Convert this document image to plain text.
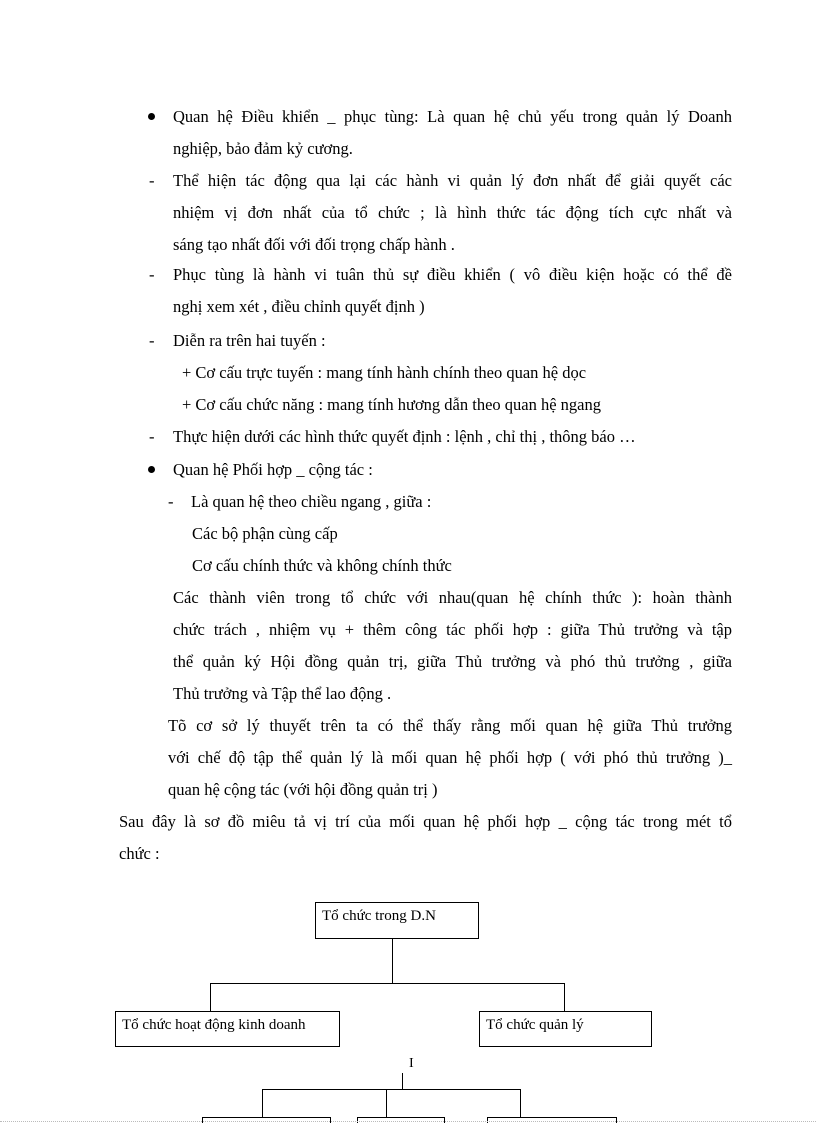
Quan hệ Điều khiển _ phục tùng: Là quan hệ chủ yếu trong quản lý Doanh
nghiệp, bảo đảm kỷ cương.
- Thể hiện tác động qua lại các hành vi quản lý đơn nhất để giải quyết các
nhiệm vị đơn nhất của tổ chức ; là hình thức tác động tích cực nhất và
sáng tạo nhất đối với đối trọng chấp hành .
- Phục tùng là hành vi tuân thủ sự điều khiển ( vô điều kiện hoặc có thể đề
nghị xem xét , điều chỉnh quyết định )
- Diễn ra trên hai tuyến :
+ Cơ cấu trực tuyến : mang tính hành chính theo quan hệ dọc
+ Cơ cấu chức năng : mang tính hương dẫn theo quan hệ ngang
- Thực hiện dưới các hình thức quyết định : lệnh , chỉ thị , thông báo …
Quan hệ Phối hợp _ cộng tác :
- Là quan hệ theo chiều ngang , giữa :
Các bộ phận cùng cấp
Cơ cấu chính thức và không chính thức
Các thành viên trong tổ chức với nhau(quan hệ chính thức ): hoàn thành
chức trách , nhiệm vụ + thêm công tác phối hợp : giữa Thủ trưởng và tập
thể quản ký Hội đồng quản trị, giữa Thủ trưởng và phó thủ trưởng , giữa
Thủ trưởng và Tập thể lao động .
Tõ cơ sở lý thuyết trên ta có thể thấy rằng mối quan hệ giữa Thủ trưởng
với chế độ tập thể quản lý là mối quan hệ phối hợp ( với phó thủ trưởng )_
quan hệ cộng tác (với hội đồng quản trị )
Sau đây là sơ đồ miêu tả vị trí của mối quan hệ phối hợp _ cộng tác trong mét tổ
chức :
Tổ chức trong D.N
Tổ chức hoạt động kinh doanh	Tổ chức quản lý
I
